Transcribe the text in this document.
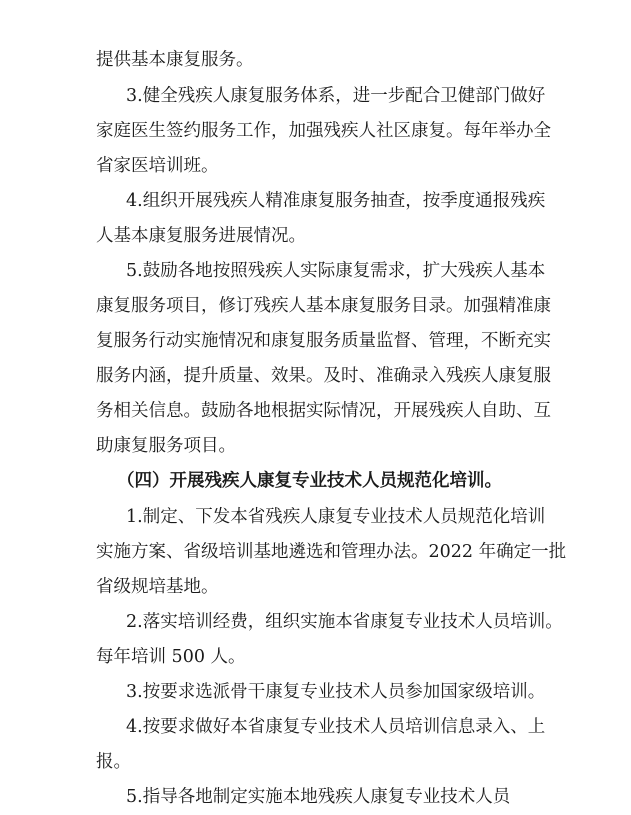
提供基本康复服务。
3.健全残疾人康复服务体系，进一步配合卫健部门做好
家庭医生签约服务工作，加强残疾人社区康复。每年举办全
省家医培训班。
4.组织开展残疾人精准康复服务抽查，按季度通报残疾
人基本康复服务进展情况。
5.鼓励各地按照残疾人实际康复需求，扩大残疾人基本
康复服务项目，修订残疾人基本康复服务目录。加强精准康
复服务行动实施情况和康复服务质量监督、管理，不断充实
服务内涵，提升质量、效果。及时、准确录入残疾人康复服
务相关信息。鼓励各地根据实际情况，开展残疾人自助、互
助康复服务项目。
（四）开展残疾人康复专业技术人员规范化培训。
1.制定、下发本省残疾人康复专业技术人员规范化培训
实施方案、省级培训基地遴选和管理办法。2022 年确定一批
省级规培基地。
2.落实培训经费，组织实施本省康复专业技术人员培训。
每年培训 500 人。
3.按要求选派骨干康复专业技术人员参加国家级培训。
4.按要求做好本省康复专业技术人员培训信息录入、上
报。
5.指导各地制定实施本地残疾人康复专业技术人员
